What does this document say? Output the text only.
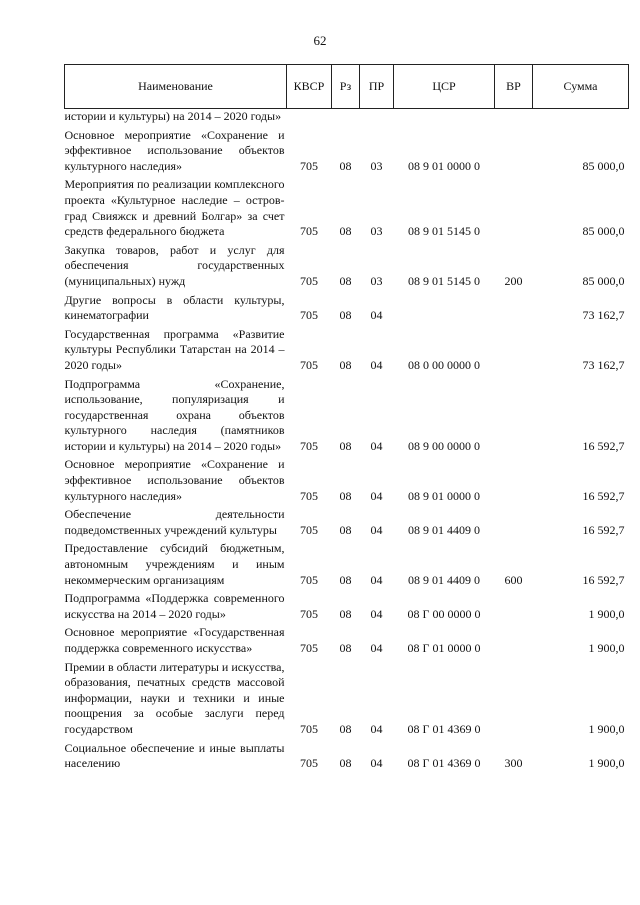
62
Наименование	КВСР	Рз	ПР	ЦСР	ВР	Сумма
истории и культуры) на 2014 – 2020 годы»						
Основное мероприятие «Сохранение и эффективное использование объектов культурного наследия»	705	08	03	08 9 01 0000 0		85 000,0
Мероприятия по реализации комплексного проекта «Культурное наследие – остров-град Свияжск и древний Болгар» за счет средств федерального бюджета	705	08	03	08 9 01 5145 0		85 000,0
Закупка товаров, работ и услуг для обеспечения государственных (муниципальных) нужд	705	08	03	08 9 01 5145 0	200	85 000,0
Другие вопросы в области культуры, кинематографии	705	08	04			73 162,7
Государственная программа «Развитие культуры Республики Татарстан на 2014 – 2020 годы»	705	08	04	08 0 00 0000 0		73 162,7
Подпрограмма «Сохранение, использование, популяризация и государственная охрана объектов культурного наследия (памятников истории и культуры) на 2014 – 2020 годы»	705	08	04	08 9 00 0000 0		16 592,7
Основное мероприятие «Сохранение и эффективное использование объектов культурного наследия»	705	08	04	08 9 01 0000 0		16 592,7
Обеспечение деятельности подведомственных учреждений культуры	705	08	04	08 9 01 4409 0		16 592,7
Предоставление субсидий бюджетным, автономным учреждениям и иным некоммерческим организациям	705	08	04	08 9 01 4409 0	600	16 592,7
Подпрограмма «Поддержка современного искусства на 2014 – 2020 годы»	705	08	04	08 Г 00 0000 0		1 900,0
Основное мероприятие «Государственная поддержка современного искусства»	705	08	04	08 Г 01 0000 0		1 900,0
Премии в области литературы и искусства, образования, печатных средств массовой информации, науки и техники и иные поощрения за особые заслуги перед государством	705	08	04	08 Г 01 4369 0		1 900,0
Социальное обеспечение и иные выплаты населению	705	08	04	08 Г 01 4369 0	300	1 900,0
